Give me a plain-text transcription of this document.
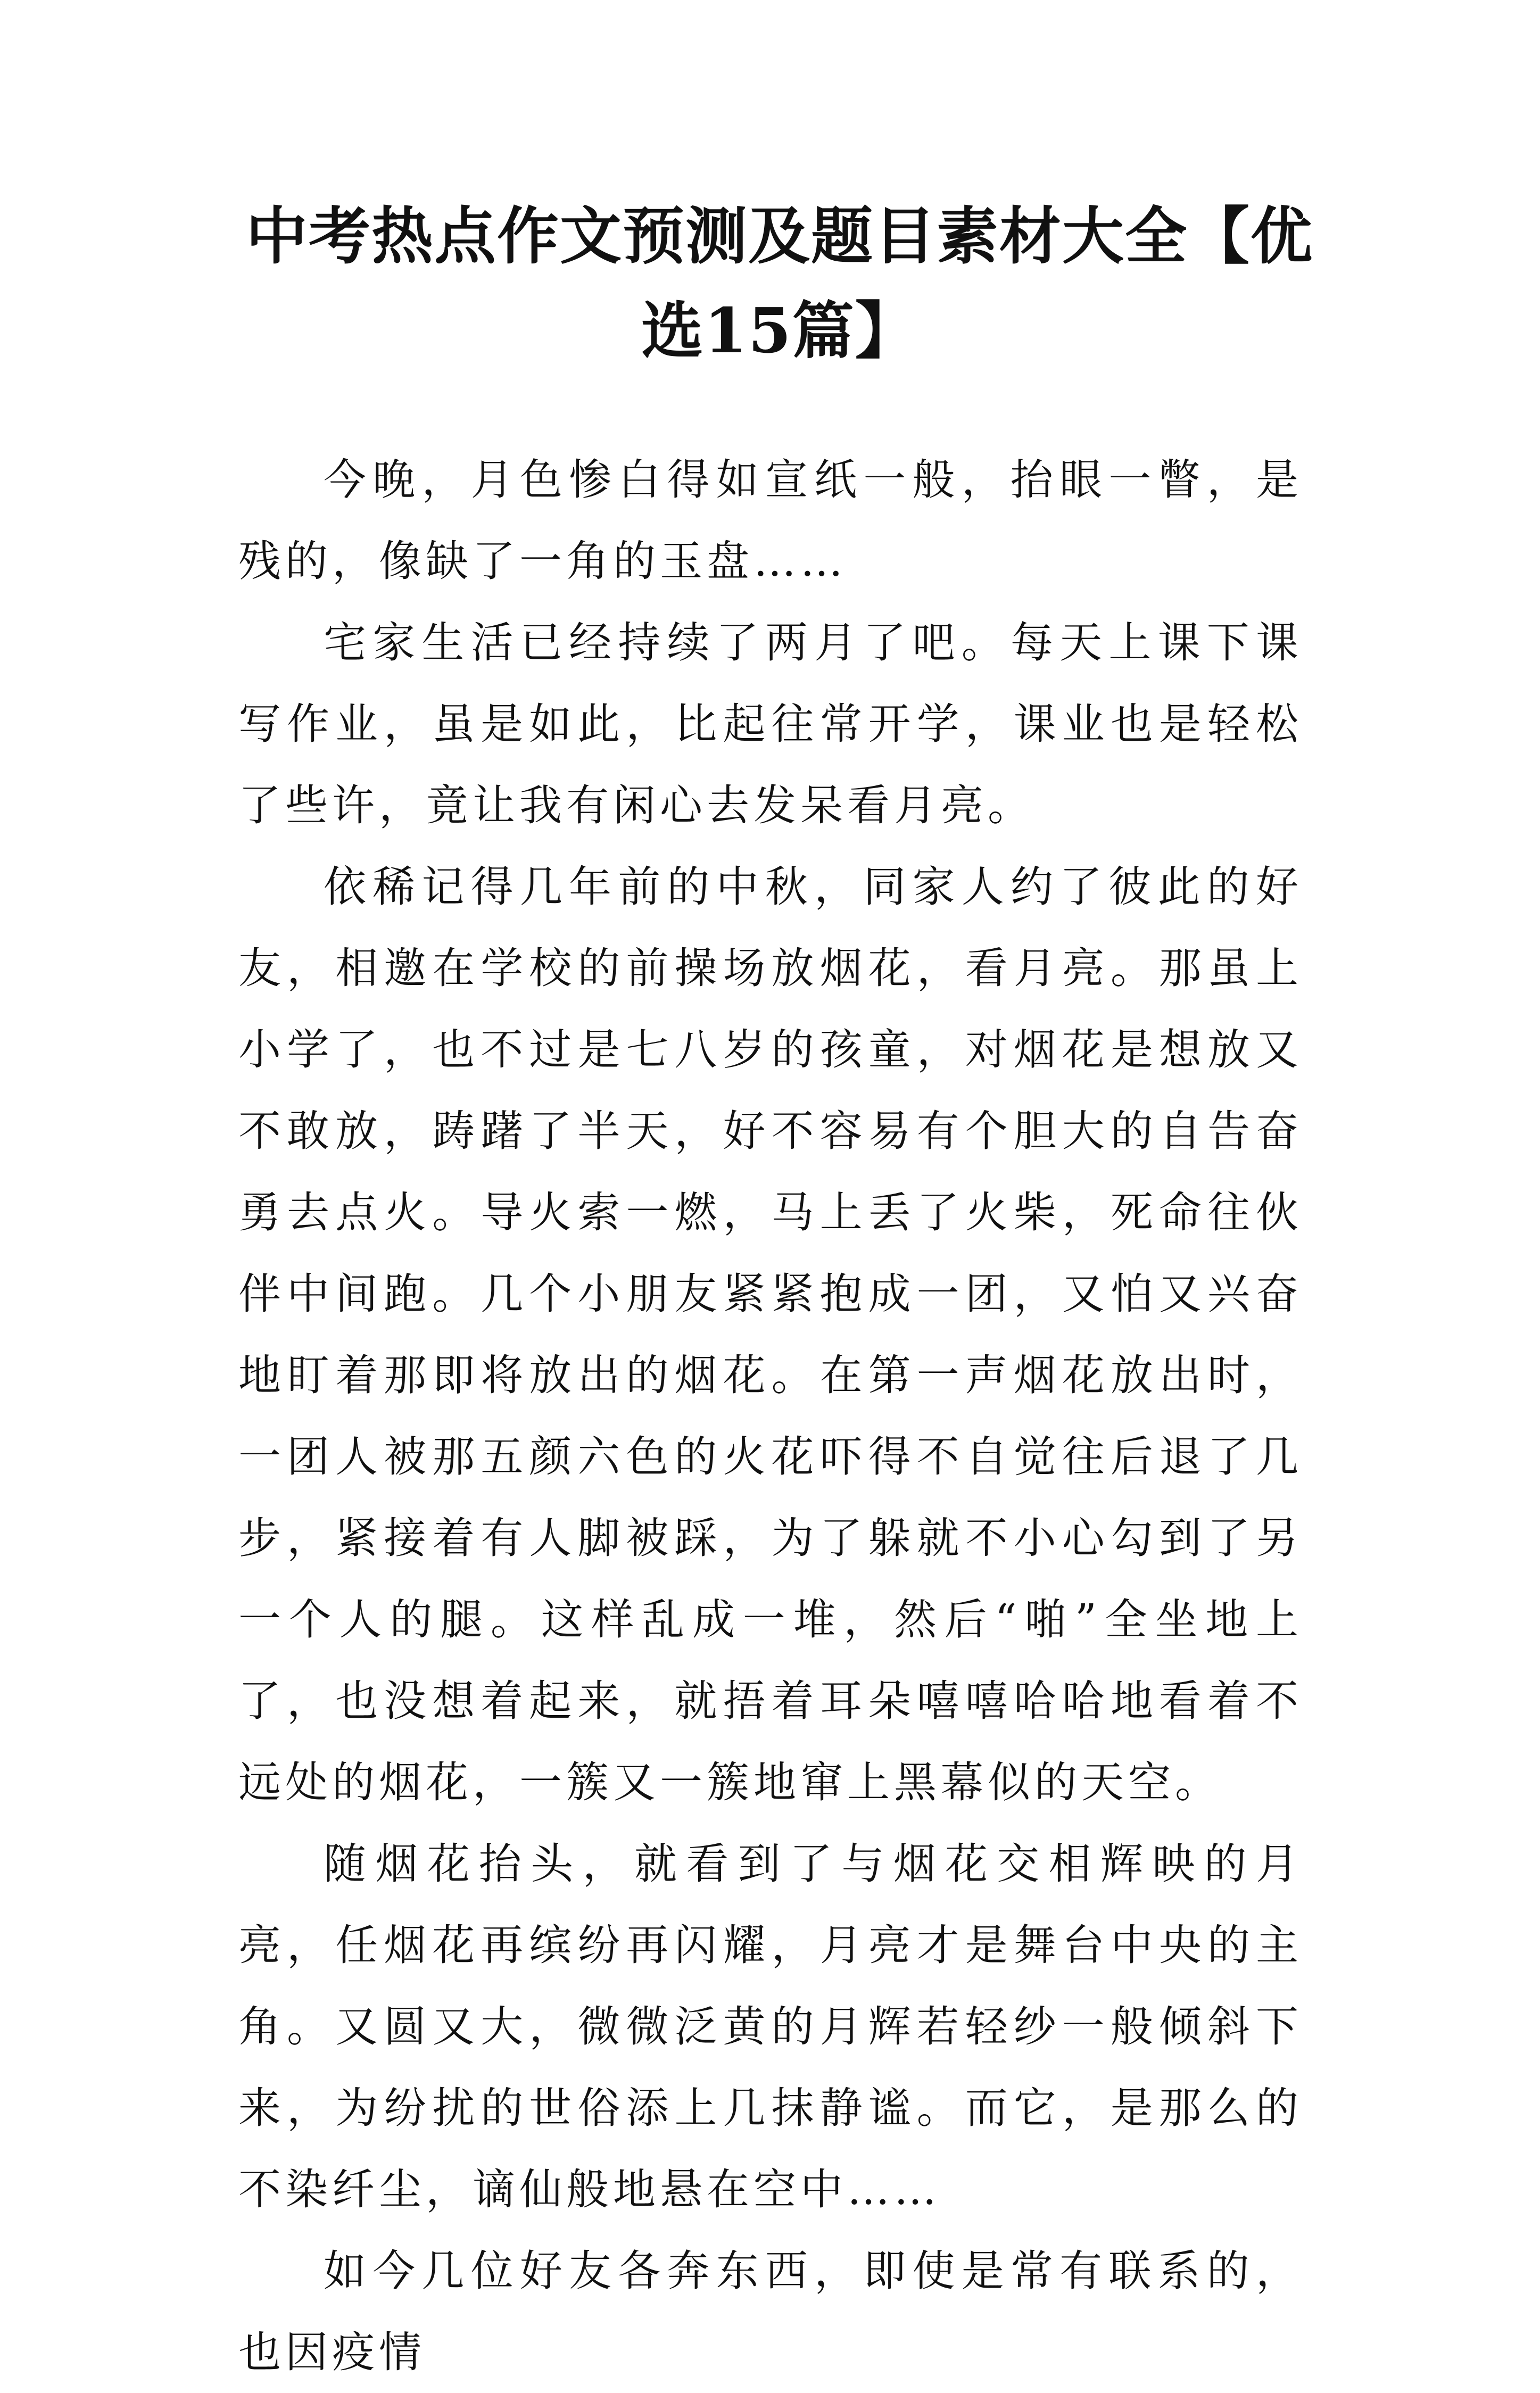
中考热点作文预测及题目素材大全【优选15篇】

今晚，月色惨白得如宣纸一般，抬眼一瞥，是残的，像缺了一角的玉盘……

宅家生活已经持续了两月了吧。每天上课下课写作业，虽是如此，比起往常开学，课业也是轻松了些许，竟让我有闲心去发呆看月亮。

依稀记得几年前的中秋，同家人约了彼此的好友，相邀在学校的前操场放烟花，看月亮。那虽上小学了，也不过是七八岁的孩童，对烟花是想放又不敢放，踌躇了半天，好不容易有个胆大的自告奋勇去点火。导火索一燃，马上丢了火柴，死命往伙伴中间跑。几个小朋友紧紧抱成一团，又怕又兴奋地盯着那即将放出的烟花。在第一声烟花放出时，一团人被那五颜六色的火花吓得不自觉往后退了几步，紧接着有人脚被踩，为了躲就不小心勾到了另一个人的腿。这样乱成一堆，然后“啪”全坐地上了，也没想着起来，就捂着耳朵嘻嘻哈哈地看着不远处的烟花，一簇又一簇地窜上黑幕似的天空。

随烟花抬头，就看到了与烟花交相辉映的月亮，任烟花再缤纷再闪耀，月亮才是舞台中央的主角。又圆又大，微微泛黄的月辉若轻纱一般倾斜下来，为纷扰的世俗添上几抹静谧。而它，是那么的不染纤尘，谪仙般地悬在空中……

如今几位好友各奔东西，即使是常有联系的，也因疫情
